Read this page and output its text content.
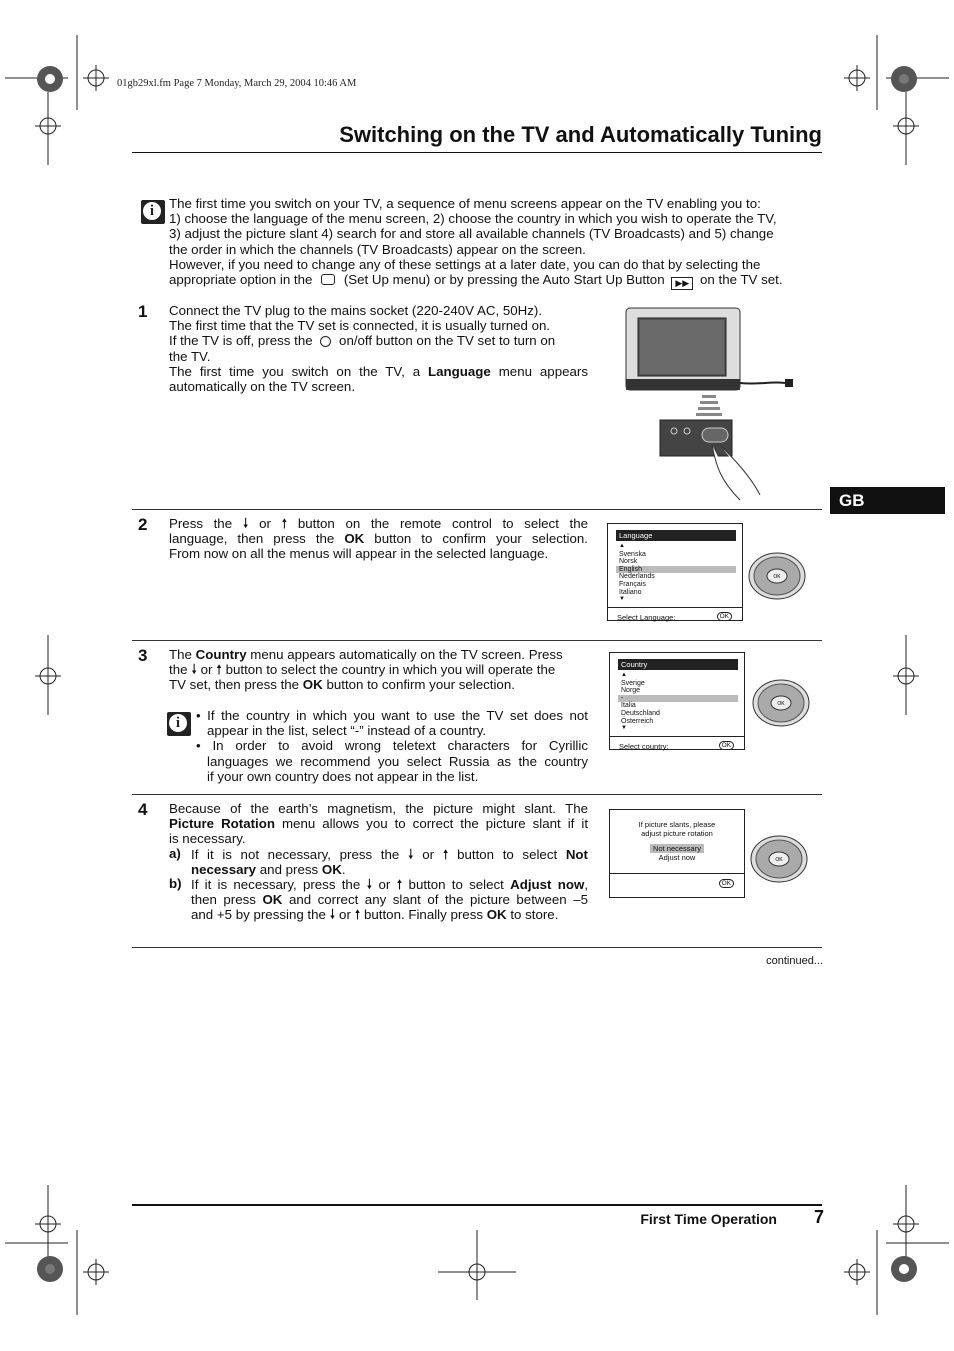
01gb29xl.fm Page 7 Monday, March 29, 2004 10:46 AM
Switching on the TV and Automatically Tuning
GB
i	The first time you switch on your TV, a sequence of menu screens appear on the TV enabling you to:
1) choose the language of the menu screen, 2) choose the country in which you wish to operate the TV,
3) adjust the picture slant 4) search for and store all available channels (TV Broadcasts) and 5) change
the order in which the channels (TV Broadcasts) appear on the screen.
However, if you need to change any of these settings at a later date, you can do that by selecting the
appropriate option in the (Set Up menu) or by pressing the Auto Start Up Button ▶▶ on the TV set.
1 Connect the TV plug to the mains socket (220-240V AC, 50Hz).
The first time that the TV set is connected, it is usually turned on.
If the TV is off, press the on/off button on the TV set to turn on
the TV.
The first time you switch on the TV, a Language menu appears
automatically on the TV screen.
2 Press the 🠗 or 🠕 button on the remote control to select the
language, then press the OK button to confirm your selection.
From now on all the menus will appear in the selected language.
Language
▲
Svenska
Norsk
English
Nederlands
Français
Italiano
▼
Select Language:	OK
OK
3 The Country menu appears automatically on the TV screen. Press
the 🠗 or 🠕 button to select the country in which you will operate the
TV set, then press the OK button to confirm your selection.
i	• If the country in which you want to use the TV set does not
appear in the list, select “-” instead of a country.
• In order to avoid wrong teletext characters for Cyrillic
languages we recommend you select Russia as the country
if your own country does not appear in the list.
Country
▲
Sverige
Norge
-
Italia
Deutschland
Österreich
▼
Select country:	OK
OK
4 Because of the earth’s magnetism, the picture might slant. The
Picture Rotation menu allows you to correct the picture slant if it
is necessary.
a) If it is not necessary, press the 🠗 or 🠕 button to select Not
necessary and press OK.
b) If it is necessary, press the 🠗 or 🠕 button to select Adjust now,
then press OK and correct any slant of the picture between –5
and +5 by pressing the 🠗 or 🠕 button. Finally press OK to store.
If picture slants, please
adjust picture rotation
Not necessary
Adjust now
OK
OK
continued...
First Time Operation	7
